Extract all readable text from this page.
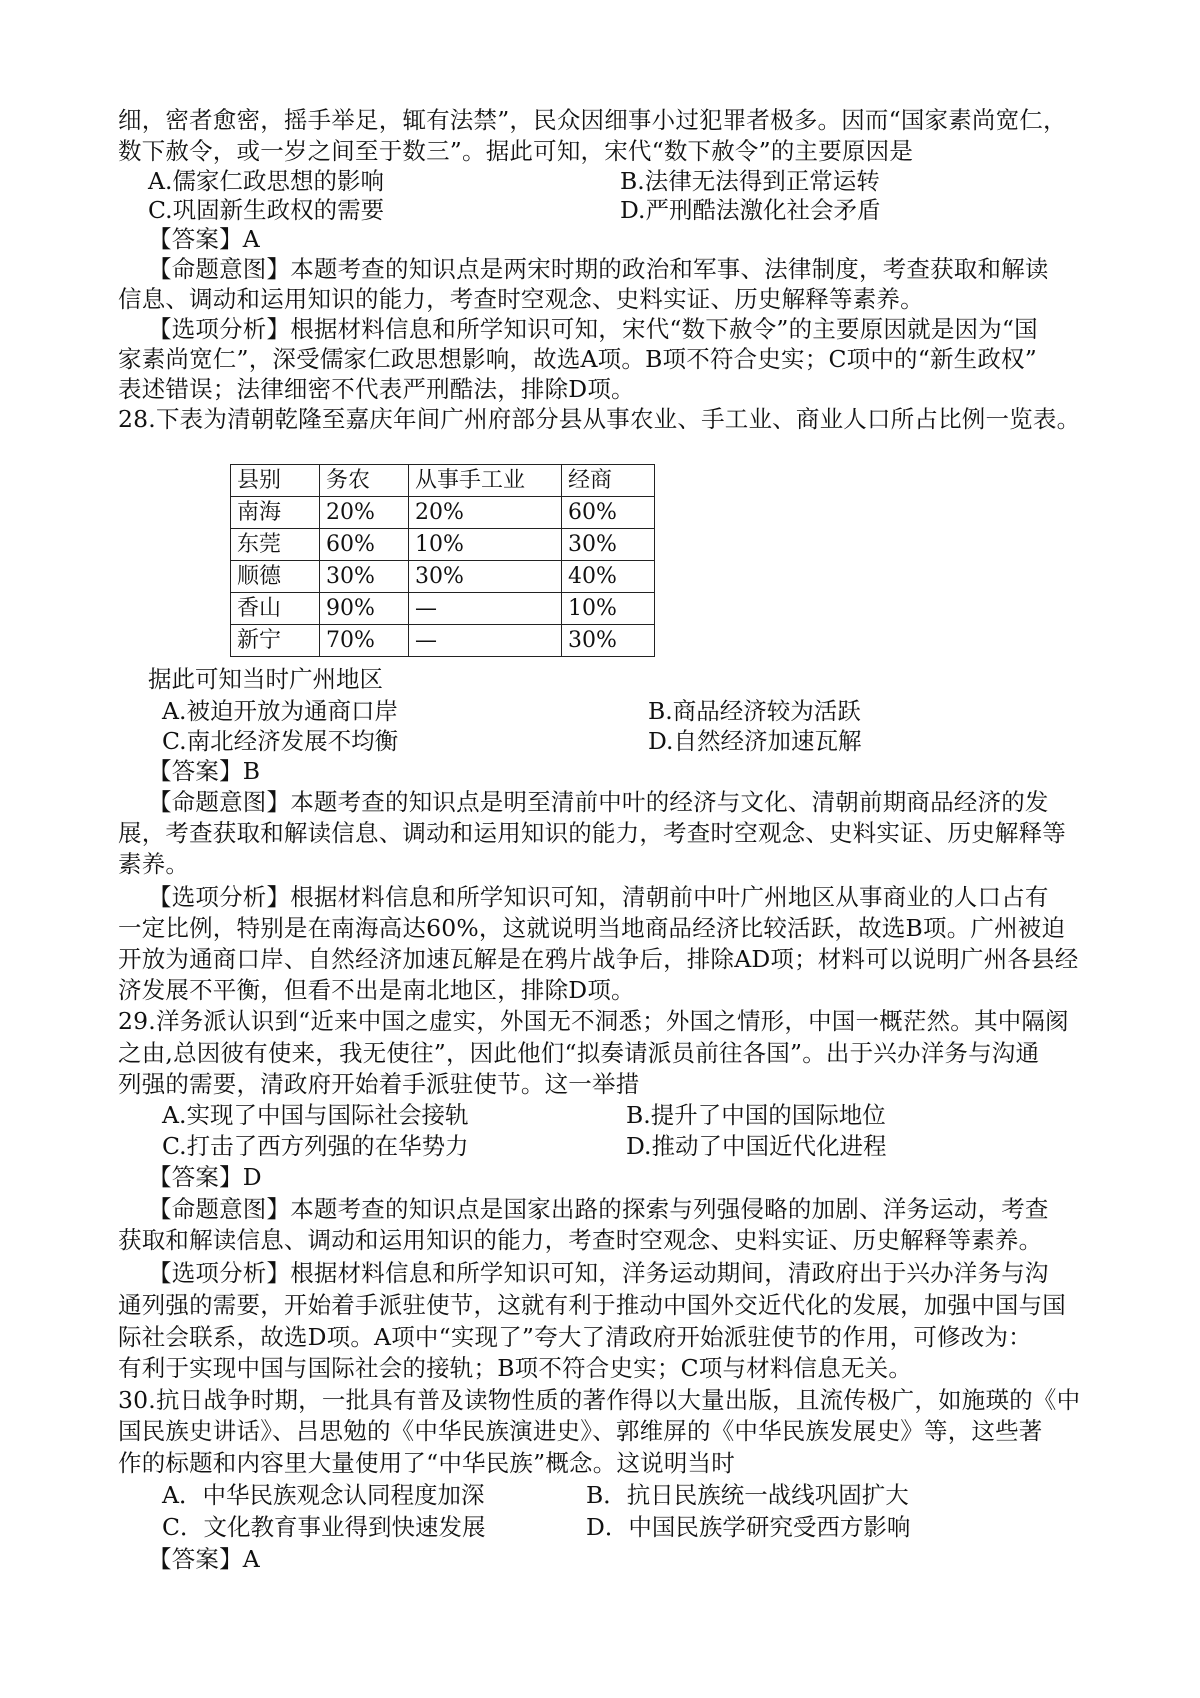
细，密者愈密，摇手举足，辄有法禁”，民众因细事小过犯罪者极多。因而“国家素尚宽仁，
数下赦令，或一岁之间至于数三”。据此可知，宋代“数下赦令”的主要原因是
A.儒家仁政思想的影响	B.法律无法得到正常运转
C.巩固新生政权的需要	D.严刑酷法激化社会矛盾
【答案】A
【命题意图】本题考查的知识点是两宋时期的政治和军事、法律制度，考查获取和解读
信息、调动和运用知识的能力，考查时空观念、史料实证、历史解释等素养。
【选项分析】根据材料信息和所学知识可知，宋代“数下赦令”的主要原因就是因为“国
家素尚宽仁”，深受儒家仁政思想影响，故选A项。B项不符合史实；C项中的“新生政权”
表述错误；法律细密不代表严刑酷法，排除D项。
28.下表为清朝乾隆至嘉庆年间广州府部分县从事农业、手工业、商业人口所占比例一览表。
县别	务农	从事手工业	经商
南海	20%	20%	60%
东莞	60%	10%	30%
顺德	30%	30%	40%
香山	90%	—	10%
新宁	70%	—	30%
据此可知当时广州地区
A.被迫开放为通商口岸	B.商品经济较为活跃
C.南北经济发展不均衡	D.自然经济加速瓦解
【答案】B
【命题意图】本题考查的知识点是明至清前中叶的经济与文化、清朝前期商品经济的发
展，考查获取和解读信息、调动和运用知识的能力，考查时空观念、史料实证、历史解释等
素养。
【选项分析】根据材料信息和所学知识可知，清朝前中叶广州地区从事商业的人口占有
一定比例，特别是在南海高达60%，这就说明当地商品经济比较活跃，故选B项。广州被迫
开放为通商口岸、自然经济加速瓦解是在鸦片战争后，排除AD项；材料可以说明广州各县经
济发展不平衡，但看不出是南北地区，排除D项。
29.洋务派认识到“近来中国之虚实，外国无不洞悉；外国之情形，中国一概茫然。其中隔阂
之由,总因彼有使来，我无使往”，因此他们“拟奏请派员前往各国”。出于兴办洋务与沟通
列强的需要，清政府开始着手派驻使节。这一举措
A.实现了中国与国际社会接轨	B.提升了中国的国际地位
C.打击了西方列强的在华势力	D.推动了中国近代化进程
【答案】D
【命题意图】本题考查的知识点是国家出路的探索与列强侵略的加剧、洋务运动，考查
获取和解读信息、调动和运用知识的能力，考查时空观念、史料实证、历史解释等素养。
【选项分析】根据材料信息和所学知识可知，洋务运动期间，清政府出于兴办洋务与沟
通列强的需要，开始着手派驻使节，这就有利于推动中国外交近代化的发展，加强中国与国
际社会联系，故选D项。A项中“实现了”夸大了清政府开始派驻使节的作用，可修改为：
有利于实现中国与国际社会的接轨；B项不符合史实；C项与材料信息无关。
30.抗日战争时期，一批具有普及读物性质的著作得以大量出版，且流传极广，如施瑛的《中
国民族史讲话》、吕思勉的《中华民族演进史》、郭维屏的《中华民族发展史》等，这些著
作的标题和内容里大量使用了“中华民族”概念。这说明当时
A．中华民族观念认同程度加深	B．抗日民族统一战线巩固扩大
C．文化教育事业得到快速发展	D．中国民族学研究受西方影响
【答案】A
